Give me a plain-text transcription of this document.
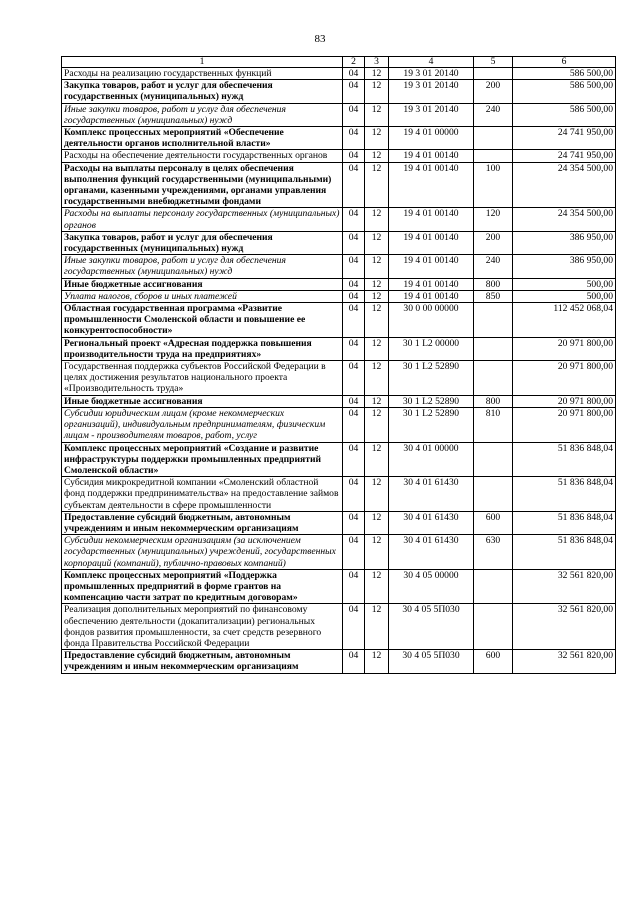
83
1	2	3	4	5	6
Расходы на реализацию государственных функций	04	12	19 3 01 20140		586 500,00
Закупка товаров, работ и услуг для обеспечения государственных (муниципальных) нужд	04	12	19 3 01 20140	200	586 500,00
Иные закупки товаров, работ и услуг для обеспечения государственных (муниципальных) нужд	04	12	19 3 01 20140	240	586 500,00
Комплекс процессных мероприятий «Обеспечение деятельности органов исполнительной власти»	04	12	19 4 01 00000		24 741 950,00
Расходы на обеспечение деятельности государственных органов	04	12	19 4 01 00140		24 741 950,00
Расходы на выплаты персоналу в целях обеспечения выполнения функций государственными (муниципальными) органами, казенными учреждениями, органами управления государственными внебюджетными фондами	04	12	19 4 01 00140	100	24 354 500,00
Расходы на выплаты персоналу государственных (муниципальных) органов	04	12	19 4 01 00140	120	24 354 500,00
Закупка товаров, работ и услуг для обеспечения государственных (муниципальных) нужд	04	12	19 4 01 00140	200	386 950,00
Иные закупки товаров, работ и услуг для обеспечения государственных (муниципальных) нужд	04	12	19 4 01 00140	240	386 950,00
Иные бюджетные ассигнования	04	12	19 4 01 00140	800	500,00
Уплата налогов, сборов и иных платежей	04	12	19 4 01 00140	850	500,00
Областная государственная программа «Развитие промышленности Смоленской области и повышение ее конкурентоспособности»	04	12	30 0 00 00000		112 452 068,04
Региональный проект «Адресная поддержка повышения производительности труда на предприятиях»	04	12	30 1 L2 00000		20 971 800,00
Государственная поддержка субъектов Российской Федерации в целях достижения результатов национального проекта «Производительность труда»	04	12	30 1 L2 52890		20 971 800,00
Иные бюджетные ассигнования	04	12	30 1 L2 52890	800	20 971 800,00
Субсидии юридическим лицам (кроме некоммерческих организаций), индивидуальным предпринимателям, физическим лицам - производителям товаров, работ, услуг	04	12	30 1 L2 52890	810	20 971 800,00
Комплекс процессных мероприятий «Создание и развитие инфраструктуры поддержки промышленных предприятий Смоленской области»	04	12	30 4 01 00000		51 836 848,04
Субсидия микрокредитной компании «Смоленский областной фонд поддержки предпринимательства» на предоставление займов субъектам деятельности в сфере промышленности	04	12	30 4 01 61430		51 836 848,04
Предоставление субсидий бюджетным, автономным учреждениям и иным некоммерческим организациям	04	12	30 4 01 61430	600	51 836 848,04
Субсидии некоммерческим организациям (за исключением государственных (муниципальных) учреждений, государственных корпораций (компаний), публично-правовых компаний)	04	12	30 4 01 61430	630	51 836 848,04
Комплекс процессных мероприятий «Поддержка промышленных предприятий в форме грантов на компенсацию части затрат по кредитным договорам»	04	12	30 4 05 00000		32 561 820,00
Реализация дополнительных мероприятий по финансовому обеспечению деятельности (докапитализации) региональных фондов развития промышленности, за счет средств резервного фонда Правительства Российской Федерации	04	12	30 4 05 5П030		32 561 820,00
Предоставление субсидий бюджетным, автономным учреждениям и иным некоммерческим организациям	04	12	30 4 05 5П030	600	32 561 820,00
